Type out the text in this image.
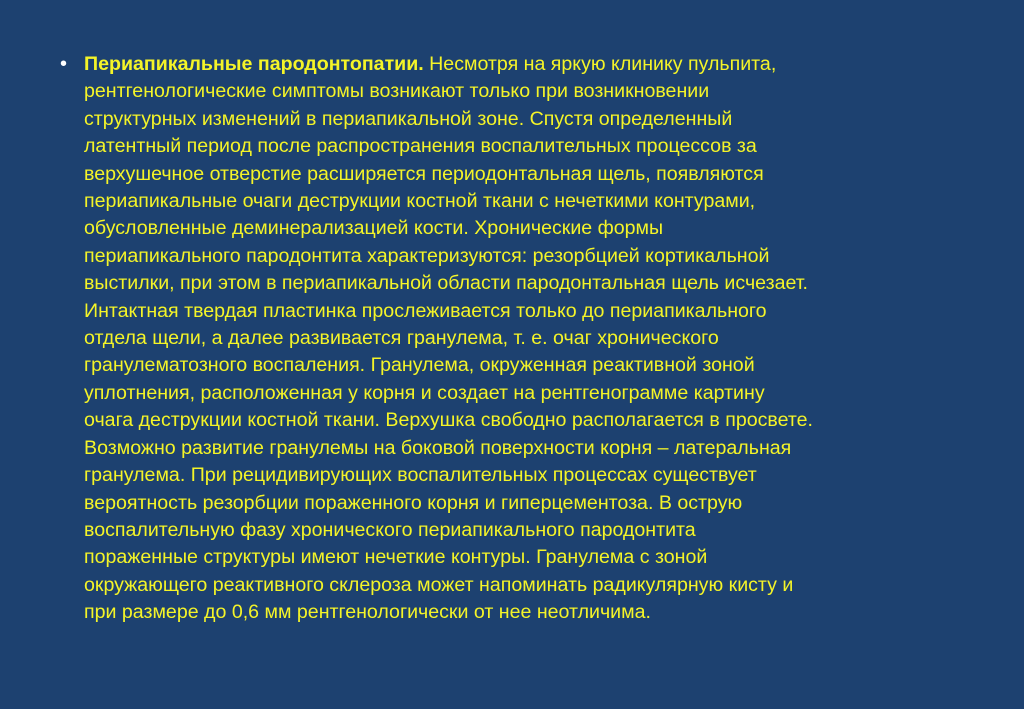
• Периапикальные пародонтопатии. Несмотря на яркую клинику пульпита,
рентгенологические симптомы возникают только при возникновении
структурных изменений в периапикальной зоне. Спустя определенный
латентный период после распространения воспалительных процессов за
верхушечное отверстие расширяется периодонтальная щель, появляются
периапикальные очаги деструкции костной ткани с нечеткими контурами,
обусловленные деминерализацией кости. Хронические формы
периапикального пародонтита характеризуются: резорбцией кортикальной
выстилки, при этом в периапикальной области пародонтальная щель исчезает.
Интактная твердая пластинка прослеживается только до периапикального
отдела щели, а далее развивается гранулема, т. е. очаг хронического
гранулематозного воспаления. Гранулема, окруженная реактивной зоной
уплотнения, расположенная у корня и создает на рентгенограмме картину
очага деструкции костной ткани. Верхушка свободно располагается в просвете.
Возможно развитие гранулемы на боковой поверхности корня – латеральная
гранулема. При рецидивирующих воспалительных процессах существует
вероятность резорбции пораженного корня и гиперцементоза. В острую
воспалительную фазу хронического периапикального пародонтита
пораженные структуры имеют нечеткие контуры. Гранулема с зоной
окружающего реактивного склероза может напоминать радикулярную кисту и
при размере до 0,6 мм рентгенологически от нее неотличима.
